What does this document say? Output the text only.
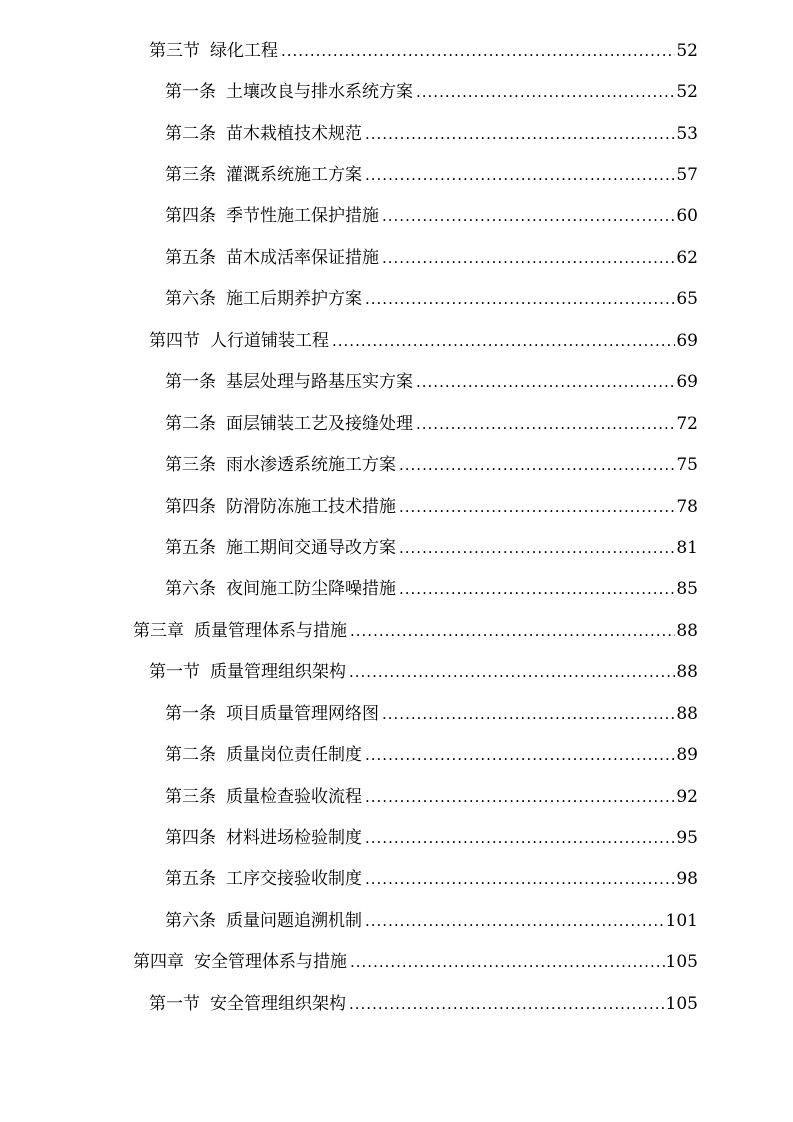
第三节 绿化工程 .....	52
第一条 土壤改良与排水系统方案 .....	52
第二条 苗木栽植技术规范 .....	53
第三条 灌溉系统施工方案 .....	57
第四条 季节性施工保护措施 .....	60
第五条 苗木成活率保证措施 .....	62
第六条 施工后期养护方案 .....	65
第四节 人行道铺装工程 .....	69
第一条 基层处理与路基压实方案 .....	69
第二条 面层铺装工艺及接缝处理 .....	72
第三条 雨水渗透系统施工方案 .....	75
第四条 防滑防冻施工技术措施 .....	78
第五条 施工期间交通导改方案 .....	81
第六条 夜间施工防尘降噪措施 .....	85
第三章 质量管理体系与措施 .....	88
第一节 质量管理组织架构 .....	88
第一条 项目质量管理网络图 .....	88
第二条 质量岗位责任制度 .....	89
第三条 质量检查验收流程 .....	92
第四条 材料进场检验制度 .....	95
第五条 工序交接验收制度 .....	98
第六条 质量问题追溯机制 .....	101
第四章 安全管理体系与措施 .....	105
第一节 安全管理组织架构 .....	105
